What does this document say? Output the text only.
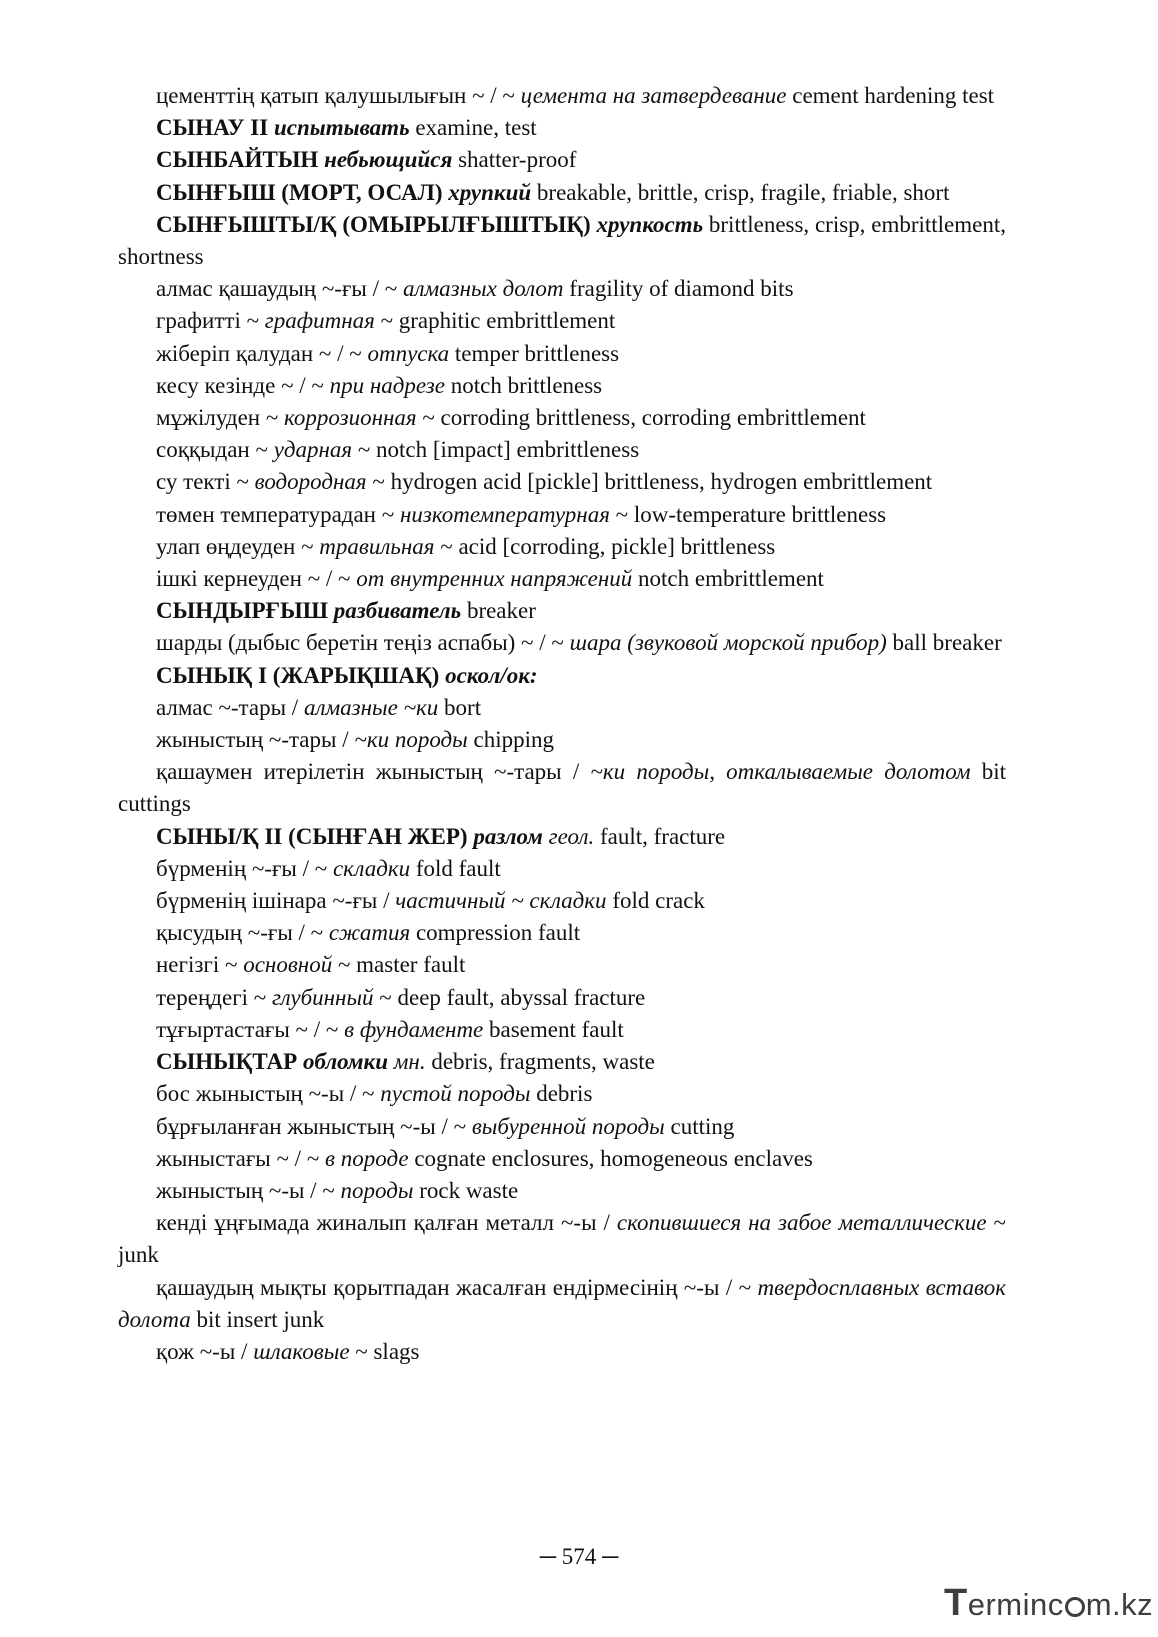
цементтің қатып қалушылығын ~ / ~ цемента на затвердевание cement hardening test

СЫНАУ II испытывать examine, test

СЫНБАЙТЫН небьющийся shatter-proof

СЫНҒЫШ (МОРТ, ОСАЛ) хрупкий breakable, brittle, crisp, fragile, friable, short

СЫНҒЫШТЫ/Қ (ОМЫРЫЛҒЫШТЫҚ) хрупкость brittleness, crisp, embrittlement, shortness

алмас қашаудың ~-ғы / ~ алмазных долот fragility of diamond bits

графитті ~ графитная ~ graphitic embrittlement

жіберіп қалудан ~ / ~ отпуска temper brittleness

кесу кезінде ~ / ~ при надрезе notch brittleness

мұжілуден ~ коррозионная ~ corroding brittleness, corroding embrittlement

соққыдан ~ ударная ~ notch [impact] embrittleness

су текті ~ водородная ~ hydrogen acid [pickle] brittleness, hydrogen embrittlement

төмен температурадан ~ низкотемпературная ~ low-temperature brittleness

улап өңдеуден ~ травильная ~ acid [corroding, pickle] brittleness

ішкі кернеуден ~ / ~ от внутренних напряжений notch embrittlement

СЫНДЫРҒЫШ разбиватель breaker

шарды (дыбыс беретін теңіз аспабы) ~ / ~ шара (звуковой морской прибор) ball breaker

СЫНЫҚ I (ЖАРЫҚШАҚ) оскол/ок:

алмас ~-тары / алмазные ~ки bort

жыныстың ~-тары / ~ки породы chipping

қашаумен итерілетін жыныстың ~-тары / ~ки породы, откалываемые долотом bit cuttings

СЫНЫ/Қ II (СЫНҒАН ЖЕР) разлом геол. fault, fracture

бүрменің ~-ғы / ~ складки fold fault

бүрменің ішінара ~-ғы / частичный ~ складки fold crack

қысудың ~-ғы / ~ сжатия compression fault

негізгі ~ основной ~ master fault

тереңдегі ~ глубинный ~ deep fault, abyssal fracture

тұғыртастағы ~ / ~ в фундаменте basement fault

СЫНЫҚТАР обломки мн. debris, fragments, waste

бос жыныстың ~-ы / ~ пустой породы debris

бұрғыланған жыныстың ~-ы / ~ выбуренной породы cutting

жыныстағы ~ / ~ в породе cognate enclosures, homogeneous enclaves

жыныстың ~-ы / ~ породы rock waste

кенді ұңғымада жиналып қалған металл ~-ы / скопившиеся на забое металлические ~ junk

қашаудың мықты қорытпадан жасалған ендірмесінің ~-ы / ~ твердосплавных вставок долота bit insert junk

қож ~-ы / шлаковые ~ slags

─ 574 ─
Terminc m.kz
